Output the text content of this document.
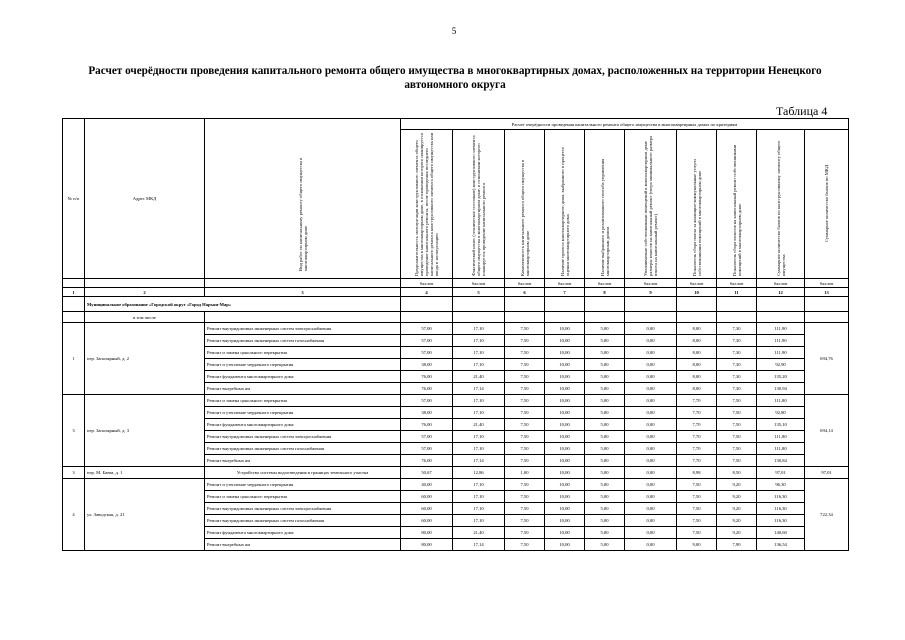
5
Расчет очерёдности проведения капитального ремонта общего имущества в многоквартирных домах, расположенных на территории Ненецкого автономного округа
Таблица 4
№ п/п	Адрес МКД	Вид работ по капитальному ремонту общего имущества в многоквартирном доме	Расчет очерёдности проведения капитального ремонта общего имущества в многоквартирных домах по критериям									

			Продолжительность эксплуатации конструктивного элемента общего имущества в многоквартирном доме, в отношении которого планируется проведение капитального ремонта, после проведения последнего капитального ремонта конструктивного элемента общего имущества или ввода в эксплуатацию	Фактический износ (техническое состояние) конструктивного элемента общего имущества в многоквартирном доме, в отношении которого планируется проведение капитального ремонта	Комплексность капитального ремонта общего имущества в многоквартирном доме	Наличие проекта многоквартирного дома, выбранного в процессе оценки многоквартирного дома	Наличие выбранного и реализованного способа управления многоквартирным домом	Уплачиваемые собственниками помещений в многоквартирном доме размеры взносов на капитальный ремонт (сверх минимального размера взноса на капитальный ремонт)	Показатель сбора платы за жилищно-коммунальные услуги собственниками помещений в многоквартирном доме	Показатель сбора взносов на капитальный ремонт собственниками помещений в многоквартирном доме	Суммарное количество баллов по конструктивному элементу общего имущества	Суммарное количество баллов по МКД

			баллов	баллов	баллов	баллов	баллов	баллов	баллов	баллов	баллов	баллов
1	2	3	4	5	6	7	8	9	10	11	12	13
	Муниципальное образование «Городской округ «Город Нарьян-Мар»											
	в том числе											
1	пер. Заполярный, д. 2	Ремонт внутридомовых инженерных систем электроснабжения	57,00	17,10	7,50	10,00	5,00	0,00	8,00	7,30	111,90	694,76
		Ремонт внутридомовых инженерных систем газоснабжения	57,00	17,10	7,50	10,00	5,00	0,00	8,00	7,30	111,90	
		Ремонт и замена цокольного перекрытия	57,00	17,10	7,50	10,00	5,00	0,00	8,00	7,30	111,90	
		Ремонт и утепление чердачного перекрытия	38,00	17,10	7,50	10,00	5,00	0,00	8,00	7,30	92,90	
		Ремонт фундамента многоквартирного дома	76,00	21,40	7,50	10,00	5,00	0,00	8,00	7,30	135,20	
		Ремонт выгребных ям	76,00	17,14	7,50	10,00	5,00	0,00	8,00	7,30	130,94	
3	пер. Заполярный, д. 3	Ремонт и замена цокольного перекрытия	57,00	17,10	7,50	10,00	5,00	0,00	7,70	7,50	111,80	694,14
		Ремонт и утепление чердачного перекрытия	38,00	17,10	7,50	10,00	5,00	0,00	7,70	7,50	92,80	
		Ремонт фундамента многоквартирного дома	76,00	21,40	7,50	10,00	5,00	0,00	7,70	7,50	135,10	
		Ремонт внутридомовых инженерных систем электроснабжения	57,00	17,10	7,50	10,00	5,00	0,00	7,70	7,50	111,80	
		Ремонт внутридомовых инженерных систем газоснабжения	57,00	17,10	7,50	10,00	5,00	0,00	7,70	7,50	111,80	
		Ремонт выгребных ям	76,00	17,14	7,50	10,00	5,00	0,00	7,70	7,50	130,84	
3	пер. М. Баева, д. 1	Устройство системы водоотведения в границах земельного участка	50,67	12,86	1,00	10,00	5,00	0,00	8,98	8,50	97,01	97,01
4	ул. Заводская, д. 21	Ремонт и утепление чердачного перекрытия	40,00	17,10	7,50	10,00	5,00	0,00	7,50	9,20	96,30	722,34
		Ремонт и замена цокольного перекрытия	60,00	17,10	7,50	10,00	5,00	0,00	7,50	9,20	116,30	
		Ремонт внутридомовых инженерных систем электроснабжения	60,00	17,10	7,50	10,00	5,00	0,00	7,50	9,20	116,30	
		Ремонт внутридомовых инженерных систем газоснабжения	60,00	17,10	7,50	10,00	5,00	0,00	7,50	9,20	116,30	
		Ремонт фундамента многоквартирного дома	80,00	21,40	7,50	10,00	5,00	0,00	7,50	9,20	140,60	
		Ремонт выгребных ям	80,00	17,14	7,50	10,00	5,00	0,00	9,00	7,90	136,54	
